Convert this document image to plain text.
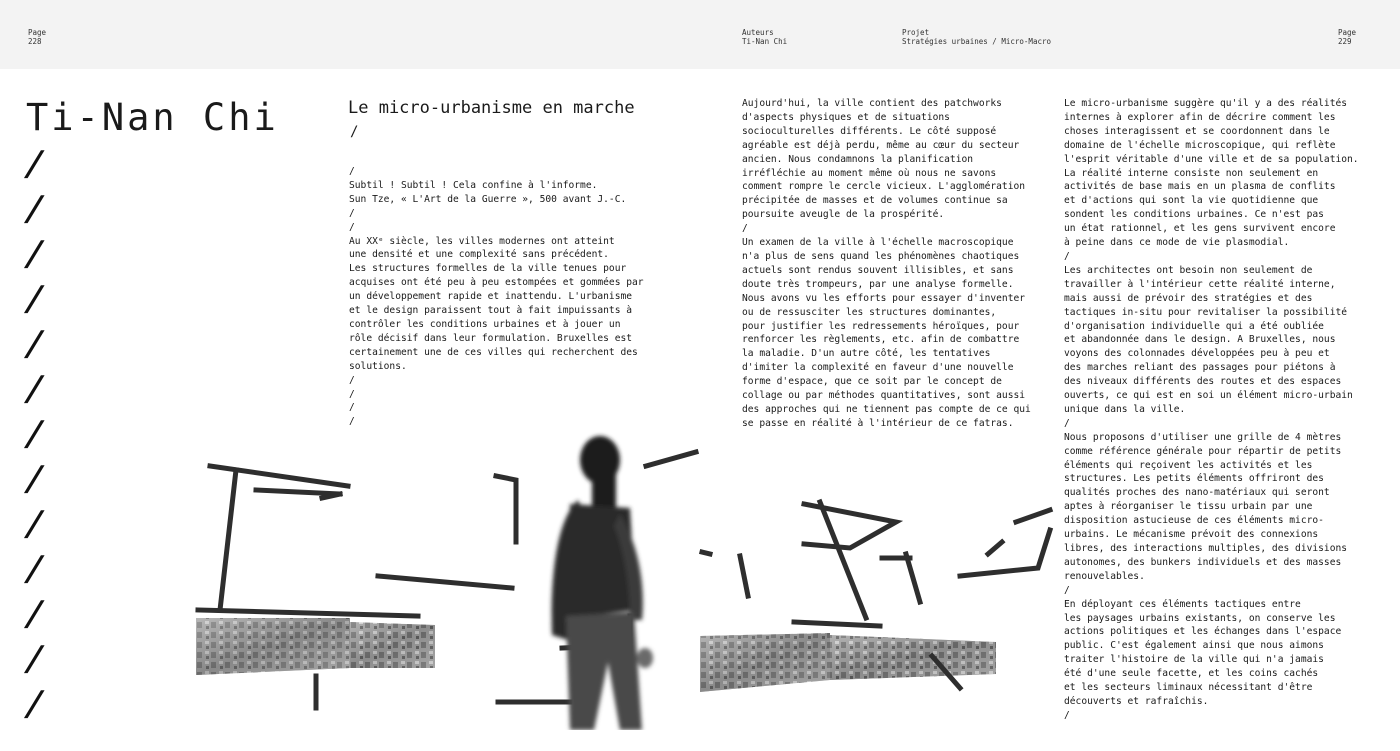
Page
228
Auteurs
Ti-Nan Chi
Projet
Stratégies urbaines / Micro-Macro
Page
229
Ti-Nan Chi
/
/
/
/
/
/
/
/
/
/
/
/
/
Le micro-urbanisme en marche
/
/
Subtil ! Subtil ! Cela confine à l'informe.
Sun Tze, « L'Art de la Guerre », 500 avant J.-C.
/
/
Au XXᵉ siècle, les villes modernes ont atteint
une densité et une complexité sans précédent.
Les structures formelles de la ville tenues pour
acquises ont été peu à peu estompées et gommées par
un développement rapide et inattendu. L'urbanisme
et le design paraissent tout à fait impuissants à
contrôler les conditions urbaines et à jouer un
rôle décisif dans leur formulation. Bruxelles est
certainement une de ces villes qui recherchent des
solutions.
/
/
/
/
Aujourd'hui, la ville contient des patchworks
d'aspects physiques et de situations
socioculturelles différents. Le côté supposé
agréable est déjà perdu, même au cœur du secteur
ancien. Nous condamnons la planification
irréfléchie au moment même où nous ne savons
comment rompre le cercle vicieux. L'agglomération
précipitée de masses et de volumes continue sa
poursuite aveugle de la prospérité.
/
Un examen de la ville à l'échelle macroscopique
n'a plus de sens quand les phénomènes chaotiques
actuels sont rendus souvent illisibles, et sans
doute très trompeurs, par une analyse formelle.
Nous avons vu les efforts pour essayer d'inventer
ou de ressusciter les structures dominantes,
pour justifier les redressements héroïques, pour
renforcer les règlements, etc. afin de combattre
la maladie. D'un autre côté, les tentatives
d'imiter la complexité en faveur d'une nouvelle
forme d'espace, que ce soit par le concept de
collage ou par méthodes quantitatives, sont aussi
des approches qui ne tiennent pas compte de ce qui
se passe en réalité à l'intérieur de ce fatras.
Le micro-urbanisme suggère qu'il y a des réalités
internes à explorer afin de décrire comment les
choses interagissent et se coordonnent dans le
domaine de l'échelle microscopique, qui reflète
l'esprit véritable d'une ville et de sa population.
La réalité interne consiste non seulement en
activités de base mais en un plasma de conflits
et d'actions qui sont la vie quotidienne que
sondent les conditions urbaines. Ce n'est pas
un état rationnel, et les gens survivent encore
à peine dans ce mode de vie plasmodial.
/
Les architectes ont besoin non seulement de
travailler à l'intérieur cette réalité interne,
mais aussi de prévoir des stratégies et des
tactiques in-situ pour revitaliser la possibilité
d'organisation individuelle qui a été oubliée
et abandonnée dans le design. A Bruxelles, nous
voyons des colonnades développées peu à peu et
des marches reliant des passages pour piétons à
des niveaux différents des routes et des espaces
ouverts, ce qui est en soi un élément micro-urbain
unique dans la ville.
/
Nous proposons d'utiliser une grille de 4 mètres
comme référence générale pour répartir de petits
éléments qui reçoivent les activités et les
structures. Les petits éléments offriront des
qualités proches des nano-matériaux qui seront
aptes à réorganiser le tissu urbain par une
disposition astucieuse de ces éléments micro-
urbains. Le mécanisme prévoit des connexions
libres, des interactions multiples, des divisions
autonomes, des bunkers individuels et des masses
renouvelables.
/
En déployant ces éléments tactiques entre
les paysages urbains existants, on conserve les
actions politiques et les échanges dans l'espace
public. C'est également ainsi que nous aimons
traiter l'histoire de la ville qui n'a jamais
été d'une seule facette, et les coins cachés
et les secteurs liminaux nécessitant d'être
découverts et rafraîchis.
/
